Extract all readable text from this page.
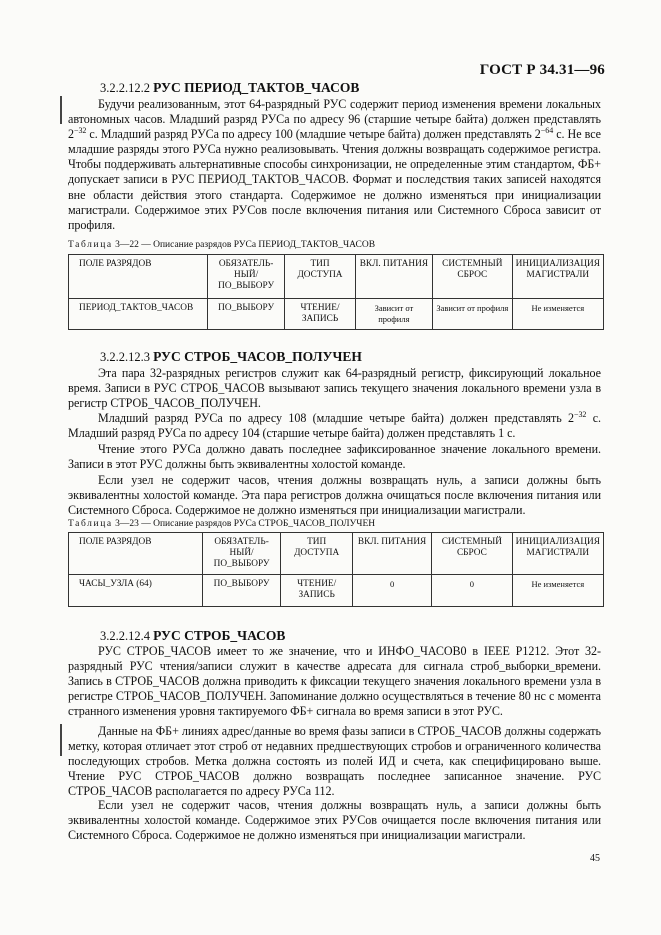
ГОСТ Р 34.31—96
3.2.2.12.2 РУС ПЕРИОД_ТАКТОВ_ЧАСОВ

Будучи реализованным, этот 64-разрядный РУС содержит период изменения времени локальных автономных часов. Младший разряд РУСа по адресу 96 (старшие четыре байта) должен представлять $2^{-32}$ с. Младший разряд РУСа по адресу 100 (младшие четыре байта) должен представлять $2^{-64}$ с. Не все младшие разряды этого РУСа нужно реализовывать. Чтения должны возвращать содержимое регистра. Чтобы поддерживать альтернативные способы синхронизации, не определенные этим стандартом, ФБ+ допускает записи в РУС ПЕРИОД_ТАКТОВ_ЧАСОВ. Формат и последствия таких записей находятся вне области действия этого стандарта. Содержимое не должно изменяться при инициализации магистрали. Содержимое этих РУСов после включения питания или Системного Сброса зависит от профиля.

Таблица 3—22 — Описание разрядов РУСа ПЕРИОД_ТАКТОВ_ЧАСОВ
ПОЛЕ РАЗРЯДОВ	ОБЯЗАТЕЛЬ-НЫЙ/ПО_ВЫБОРУ	ТИП ДОСТУПА	ВКЛ. ПИТАНИЯ	СИСТЕМНЫЙ СБРОС	ИНИЦИАЛИЗАЦИЯ МАГИСТРАЛИ
ПЕРИОД_ТАКТОВ_ЧАСОВ	ПО_ВЫБОРУ	ЧТЕНИЕ/ЗАПИСЬ	Зависит от профиля	Зависит от профиля	Не изменяется
3.2.2.12.3 РУС СТРОБ_ЧАСОВ_ПОЛУЧЕН

Эта пара 32-разрядных регистров служит как 64-разрядный регистр, фиксирующий локальное время. Записи в РУС СТРОБ_ЧАСОВ вызывают запись текущего значения локального времени узла в регистр СТРОБ_ЧАСОВ_ПОЛУЧЕН.

Младший разряд РУСа по адресу 108 (младшие четыре байта) должен представлять $2^{-32}$ с. Младший разряд РУСа по адресу 104 (старшие четыре байта) должен представлять 1 с.

Чтение этого РУСа должно давать последнее зафиксированное значение локального времени. Записи в этот РУС должны быть эквивалентны холостой команде.

Если узел не содержит часов, чтения должны возвращать нуль, а записи должны быть эквивалентны холостой команде. Эта пара регистров должна очищаться после включения питания или Системного Сброса. Содержимое не должно изменяться при инициализации магистрали.

Таблица 3—23 — Описание разрядов РУСа СТРОБ_ЧАСОВ_ПОЛУЧЕН
ПОЛЕ РАЗРЯДОВ	ОБЯЗАТЕЛЬ-НЫЙ/ПО_ВЫБОРУ	ТИП ДОСТУПА	ВКЛ. ПИТАНИЯ	СИСТЕМНЫЙ СБРОС	ИНИЦИАЛИЗАЦИЯ МАГИСТРАЛИ
ЧАСЫ_УЗЛА (64)	ПО_ВЫБОРУ	ЧТЕНИЕ/ЗАПИСЬ	0	0	Не изменяется
3.2.2.12.4 РУС СТРОБ_ЧАСОВ

РУС СТРОБ_ЧАСОВ имеет то же значение, что и ИНФО_ЧАСОВ0 в IEEE P1212. Этот 32-разрядный РУС чтения/записи служит в качестве адресата для сигнала строб_выборки_времени. Запись в СТРОБ_ЧАСОВ должна приводить к фиксации текущего значения локального времени узла в регистре СТРОБ_ЧАСОВ_ПОЛУЧЕН. Запоминание должно осуществляться в течение 80 нс с момента странного изменения уровня тактируемого ФБ+ сигнала во время записи в этот РУС.

Данные на ФБ+ линиях адрес/данные во время фазы записи в СТРОБ_ЧАСОВ должны содержать метку, которая отличает этот строб от недавних предшествующих стробов и ограниченного количества последующих стробов. Метка должна состоять из полей ИД и счета, как специфицировано выше. Чтение РУС СТРОБ_ЧАСОВ должно возвращать последнее записанное значение. РУС СТРОБ_ЧАСОВ располагается по адресу РУСа 112.

Если узел не содержит часов, чтения должны возвращать нуль, а записи должны быть эквивалентны холостой команде. Содержимое этих РУСов очищается после включения питания или Системного Сброса. Содержимое не должно изменяться при инициализации магистрали.

45
